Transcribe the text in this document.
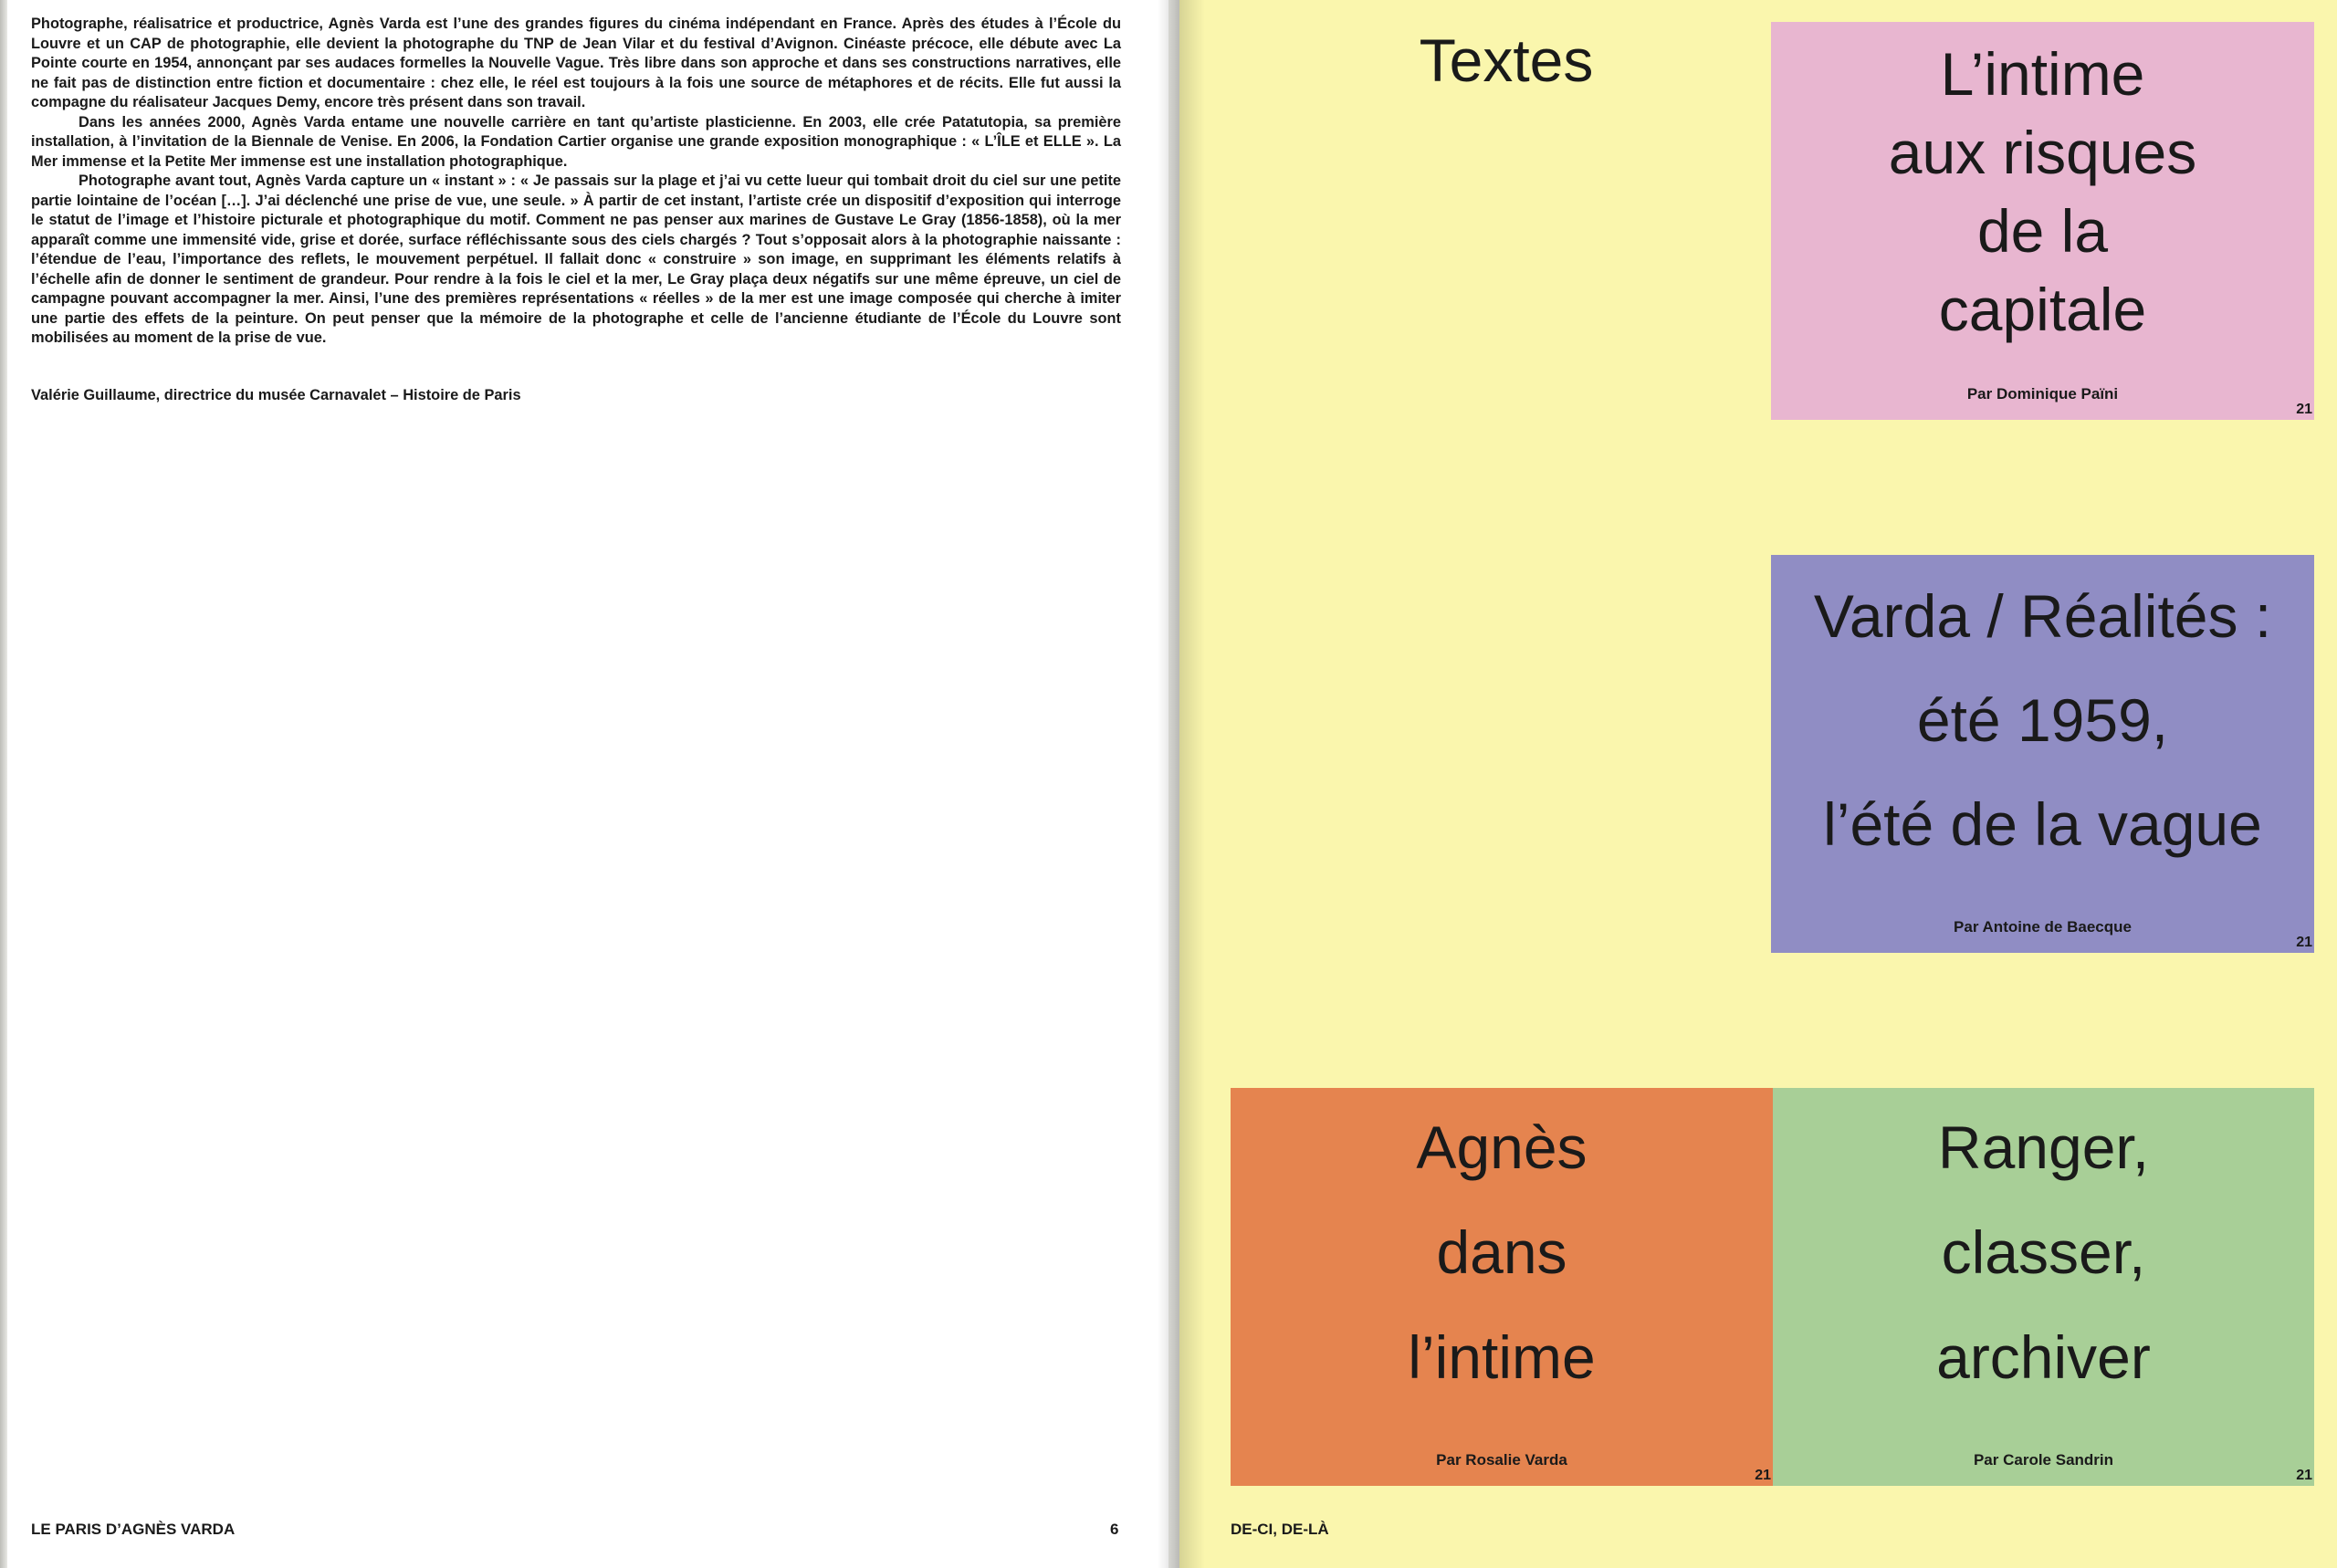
Photographe, réalisatrice et productrice, Agnès Varda est l’une des grandes figures du cinéma indépendant en France. Après des études à l’École du Louvre et un CAP de photographie, elle devient la photographe du TNP de Jean Vilar et du festival d’Avignon. Cinéaste précoce, elle débute avec La Pointe courte en 1954, annonçant par ses audaces formelles la Nouvelle Vague. Très libre dans son approche et dans ses constructions narratives, elle ne fait pas de distinction entre fiction et documentaire : chez elle, le réel est toujours à la fois une source de métaphores et de récits. Elle fut aussi la compagne du réalisateur Jacques Demy, encore très présent dans son travail.

Dans les années 2000, Agnès Varda entame une nouvelle carrière en tant qu’artiste plasticienne. En 2003, elle crée Patatutopia, sa première installation, à l’invitation de la Biennale de Venise. En 2006, la Fondation Cartier organise une grande exposition monographique : « L’ÎLE et ELLE ». La Mer immense et la Petite Mer immense est une installation photographique.

Photographe avant tout, Agnès Varda capture un « instant » : « Je passais sur la plage et j’ai vu cette lueur qui tombait droit du ciel sur une petite partie lointaine de l’océan […]. J’ai déclenché une prise de vue, une seule. » À partir de cet instant, l’artiste crée un dispositif d’exposition qui interroge le statut de l’image et l’histoire picturale et photographique du motif. Comment ne pas penser aux marines de Gustave Le Gray (1856-1858), où la mer apparaît comme une immensité vide, grise et dorée, surface réfléchissante sous des ciels chargés ? Tout s’opposait alors à la photographie naissante : l’étendue de l’eau, l’importance des reflets, le mouvement perpétuel. Il fallait donc « construire » son image, en supprimant les éléments relatifs à l’échelle afin de donner le sentiment de grandeur. Pour rendre à la fois le ciel et la mer, Le Gray plaça deux négatifs sur une même épreuve, un ciel de campagne pouvant accompagner la mer. Ainsi, l’une des premières représentations « réelles » de la mer est une image composée qui cherche à imiter une partie des effets de la peinture. On peut penser que la mémoire de la photographe et celle de l’ancienne étudiante de l’École du Louvre sont mobilisées au moment de la prise de vue.

Valérie Guillaume, directrice du musée Carnavalet – Histoire de Paris

LE PARIS D’AGNÈS VARDA	6
Textes	L’intime
aux risques
de la
capitale
Par Dominique Païni
21
Varda / Réalités :
été 1959,
l’été de la vague
Par Antoine de Baecque
21
Agnès
dans
l’intime
Par Rosalie Varda
21
Ranger,
classer,
archiver
Par Carole Sandrin
21
DE-CI, DE-LÀ
